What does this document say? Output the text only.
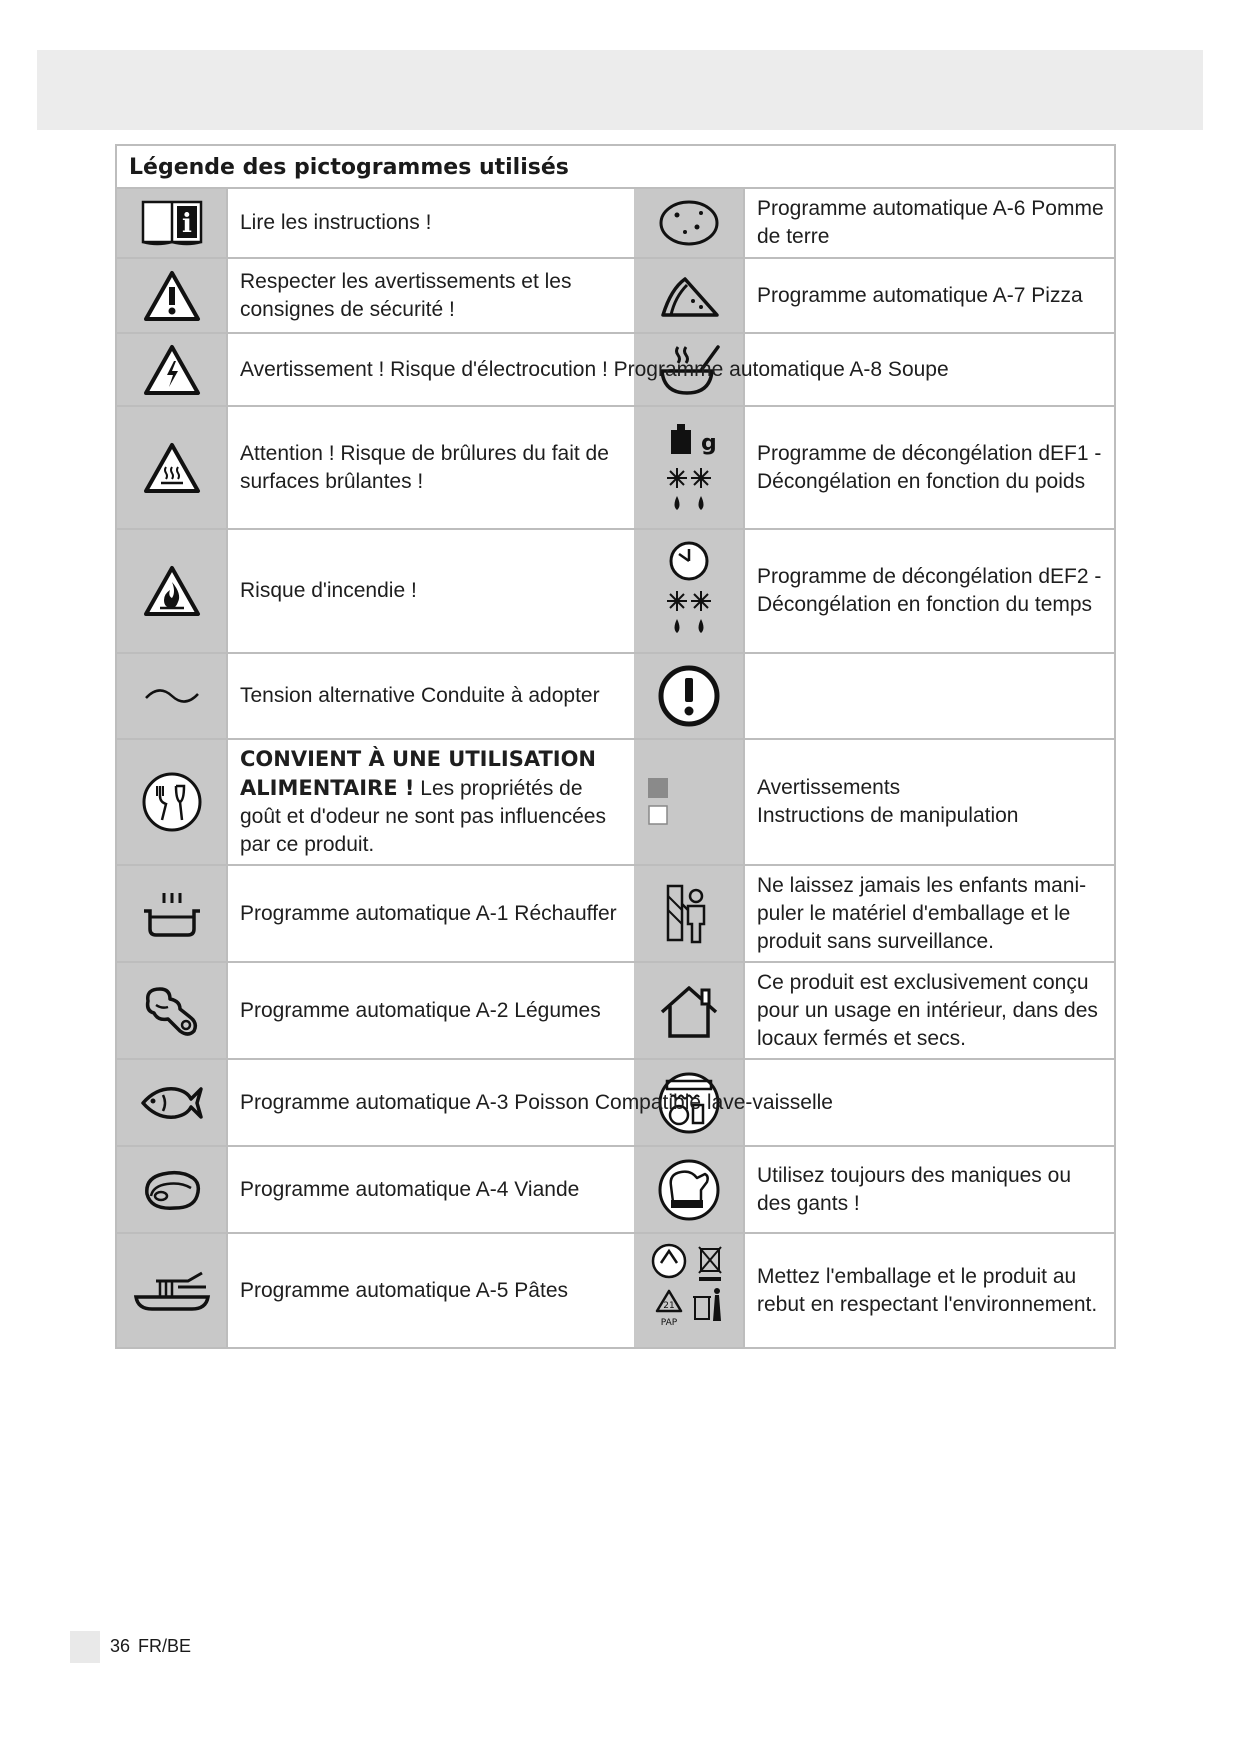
Légende des pictogrammes utilisés
i	Lire les instructions !
Programme automatique A-6 Pomme de terre
Respecter les avertissements et les consignes de sécurité !
Programme automatique A-7 Pizza
Avertissement ! Risque d'électrocution ! Programme automatique A-8 Soupe
Attention ! Risque de brûlures du fait de surfaces brûlantes !
g	Programme de décongélation dEF1 - Décongélation en fonction du poids
Risque d'incendie !
Programme de décongélation dEF2 - Décongélation en fonction du temps
Tension alternative Conduite à adopter
CONVIENT À UNE UTILISATION ALIMENTAIRE ! Les propriétés de goût et d'odeur ne sont pas influencées par ce produit.
Avertissements
Instructions de manipulation
Programme automatique A-1 Réchauffer
Ne laissez jamais les enfants mani-puler le matériel d'emballage et le produit sans surveillance.
Programme automatique A-2 Légumes
Ce produit est exclusivement conçu pour un usage en intérieur, dans des locaux fermés et secs.
Programme automatique A-3 Poisson Compatible lave-vaisselle
Programme automatique A-4 Viande
Utilisez toujours des maniques ou des gants !
Programme automatique A-5 Pâtes
21
PAP
Mettez l'emballage et le produit au rebut en respectant l'environnement.
36 FR/BE
